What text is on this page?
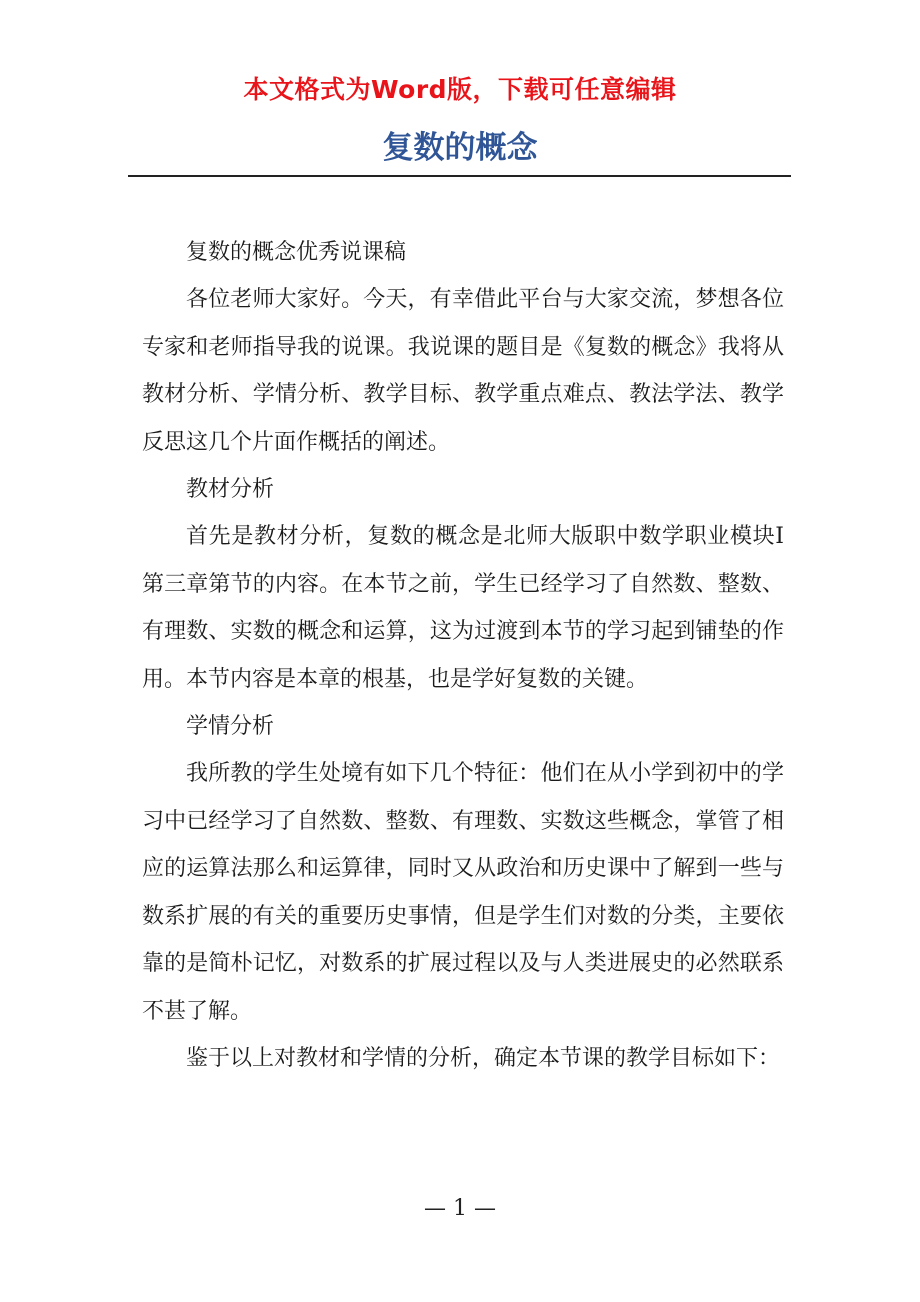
本文格式为Word版，下载可任意编辑
复数的概念

复数的概念优秀说课稿

各位老师大家好。今天，有幸借此平台与大家交流，梦想各位专家和老师指导我的说课。我说课的题目是《复数的概念》我将从教材分析、学情分析、教学目标、教学重点难点、教法学法、教学反思这几个片面作概括的阐述。

教材分析

首先是教材分析，复数的概念是北师大版职中数学职业模块I第三章第节的内容。在本节之前，学生已经学习了自然数、整数、有理数、实数的概念和运算，这为过渡到本节的学习起到铺垫的作用。本节内容是本章的根基，也是学好复数的关键。

学情分析

我所教的学生处境有如下几个特征：他们在从小学到初中的学习中已经学习了自然数、整数、有理数、实数这些概念，掌管了相应的运算法那么和运算律，同时又从政治和历史课中了解到一些与数系扩展的有关的重要历史事情，但是学生们对数的分类，主要依靠的是简朴记忆，对数系的扩展过程以及与人类进展史的必然联系不甚了解。

鉴于以上对教材和学情的分析，确定本节课的教学目标如下：

— 1 —
